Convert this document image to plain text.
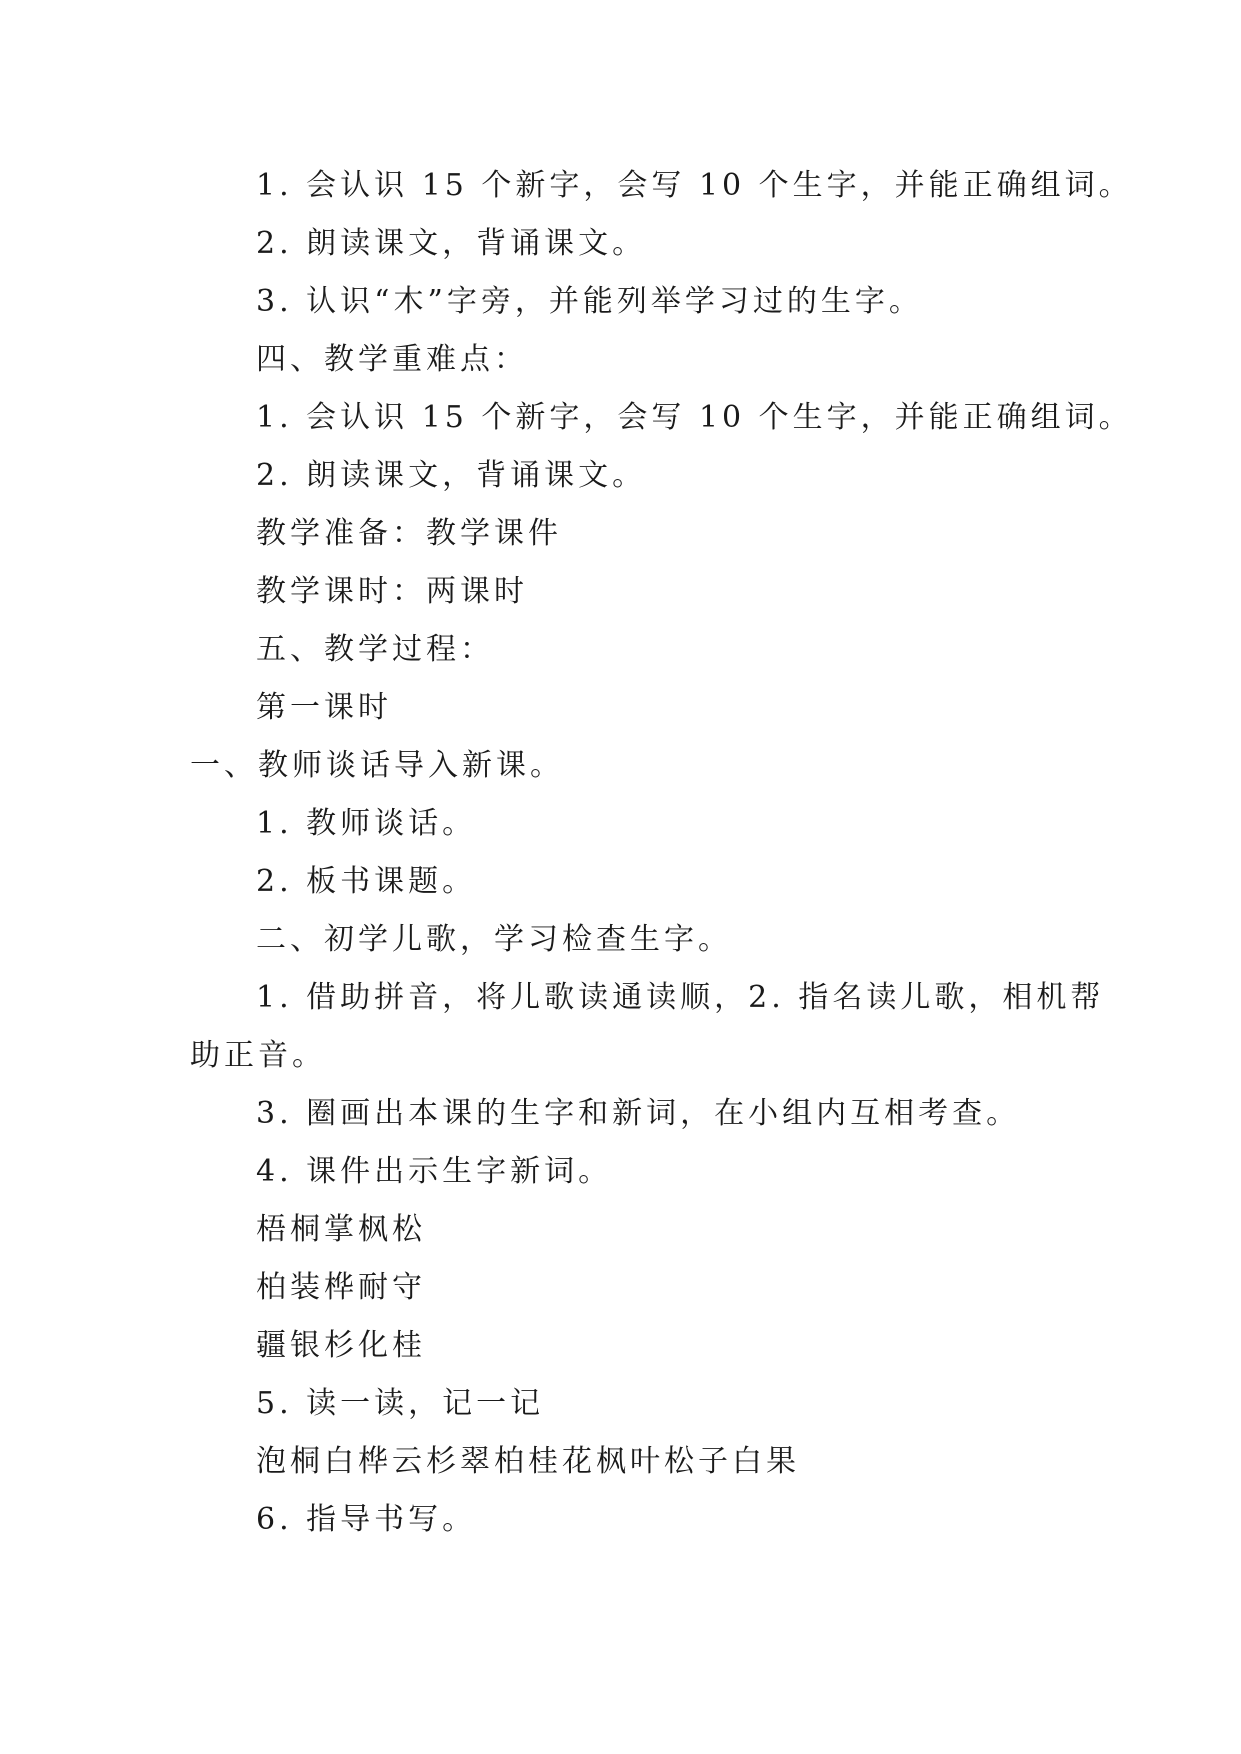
1. 会认识 15 个新字，会写 10 个生字，并能正确组词。
2. 朗读课文，背诵课文。
3. 认识“木”字旁，并能列举学习过的生字。
四、教学重难点：
1. 会认识 15 个新字，会写 10 个生字，并能正确组词。
2. 朗读课文，背诵课文。
教学准备：教学课件
教学课时：两课时
五、教学过程：
第一课时
一、教师谈话导入新课。
1. 教师谈话。
2. 板书课题。
二、初学儿歌，学习检查生字。
1. 借助拼音，将儿歌读通读顺，2. 指名读儿歌，相机帮
助正音。
3. 圈画出本课的生字和新词，在小组内互相考查。
4. 课件出示生字新词。
梧桐掌枫松
柏装桦耐守
疆银杉化桂
5. 读一读，记一记
泡桐白桦云杉翠柏桂花枫叶松子白果
6. 指导书写。
